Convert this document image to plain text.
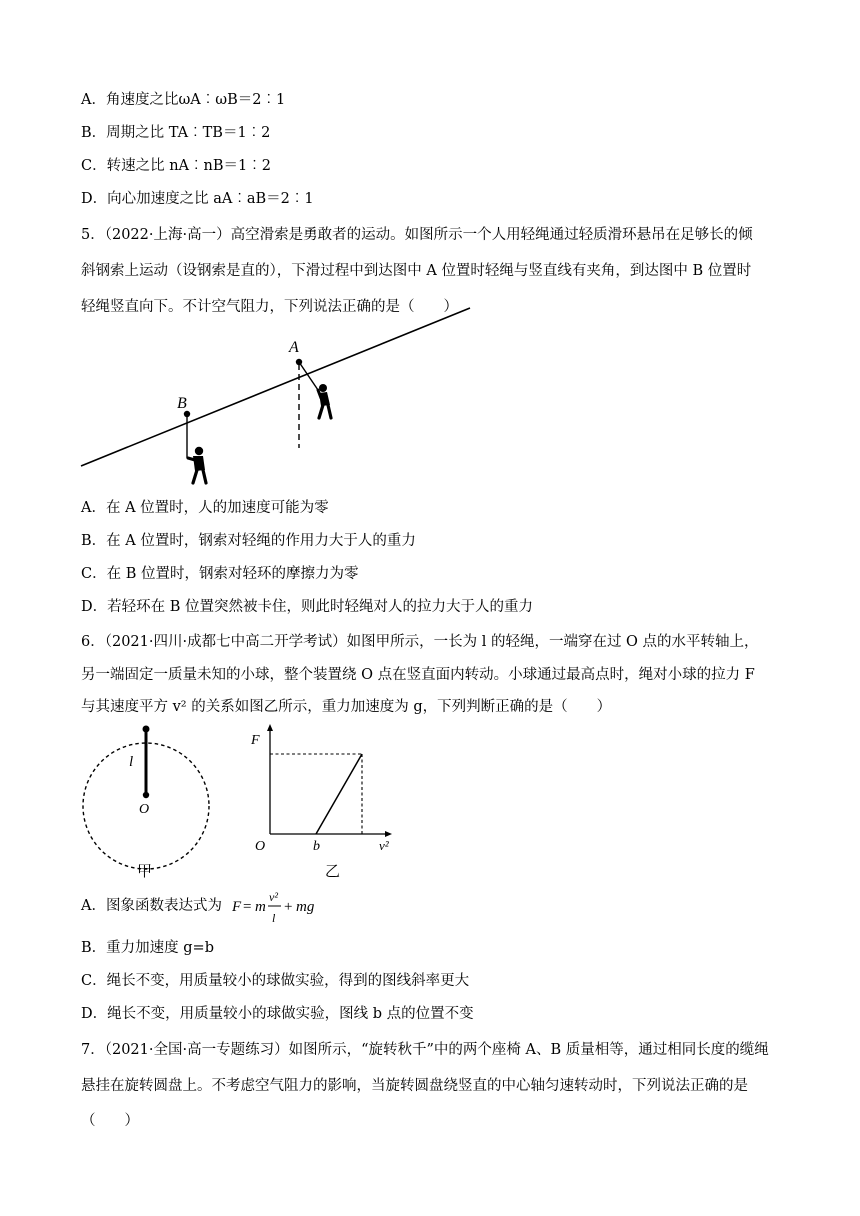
A．角速度之比ωA︰ωB＝2︰1
B．周期之比 TA︰TB＝1︰2
C．转速之比 nA︰nB＝1︰2
D．向心加速度之比 aA︰aB＝2︰1
5．（2022·上海·高一）高空滑索是勇敢者的运动。如图所示一个人用轻绳通过轻质滑环悬吊在足够长的倾
斜钢索上运动（设钢索是直的），下滑过程中到达图中 A 位置时轻绳与竖直线有夹角，到达图中 B 位置时
轻绳竖直向下。不计空气阻力，下列说法正确的是（　　）
A
B
A．在 A 位置时，人的加速度可能为零
B．在 A 位置时，钢索对轻绳的作用力大于人的重力
C．在 B 位置时，钢索对轻环的摩擦力为零
D．若轻环在 B 位置突然被卡住，则此时轻绳对人的拉力大于人的重力
6．（2021·四川·成都七中高二开学考试）如图甲所示，一长为 l 的轻绳，一端穿在过 O 点的水平转轴上，
另一端固定一质量未知的小球，整个装置绕 O 点在竖直面内转动。小球通过最高点时，绳对小球的拉力 F
与其速度平方 v² 的关系如图乙所示，重力加速度为 g，下列判断正确的是（　　）
l
O
甲
F
O	b	v²
乙
A．图象函数表达式为 F = m
v²
l
+ mg
B．重力加速度 g=b
C．绳长不变，用质量较小的球做实验，得到的图线斜率更大
D．绳长不变，用质量较小的球做实验，图线 b 点的位置不变
7．（2021·全国·高一专题练习）如图所示，“旋转秋千”中的两个座椅 A、B 质量相等，通过相同长度的缆绳
悬挂在旋转圆盘上。不考虑空气阻力的影响，当旋转圆盘绕竖直的中心轴匀速转动时，下列说法正确的是
（　　）
